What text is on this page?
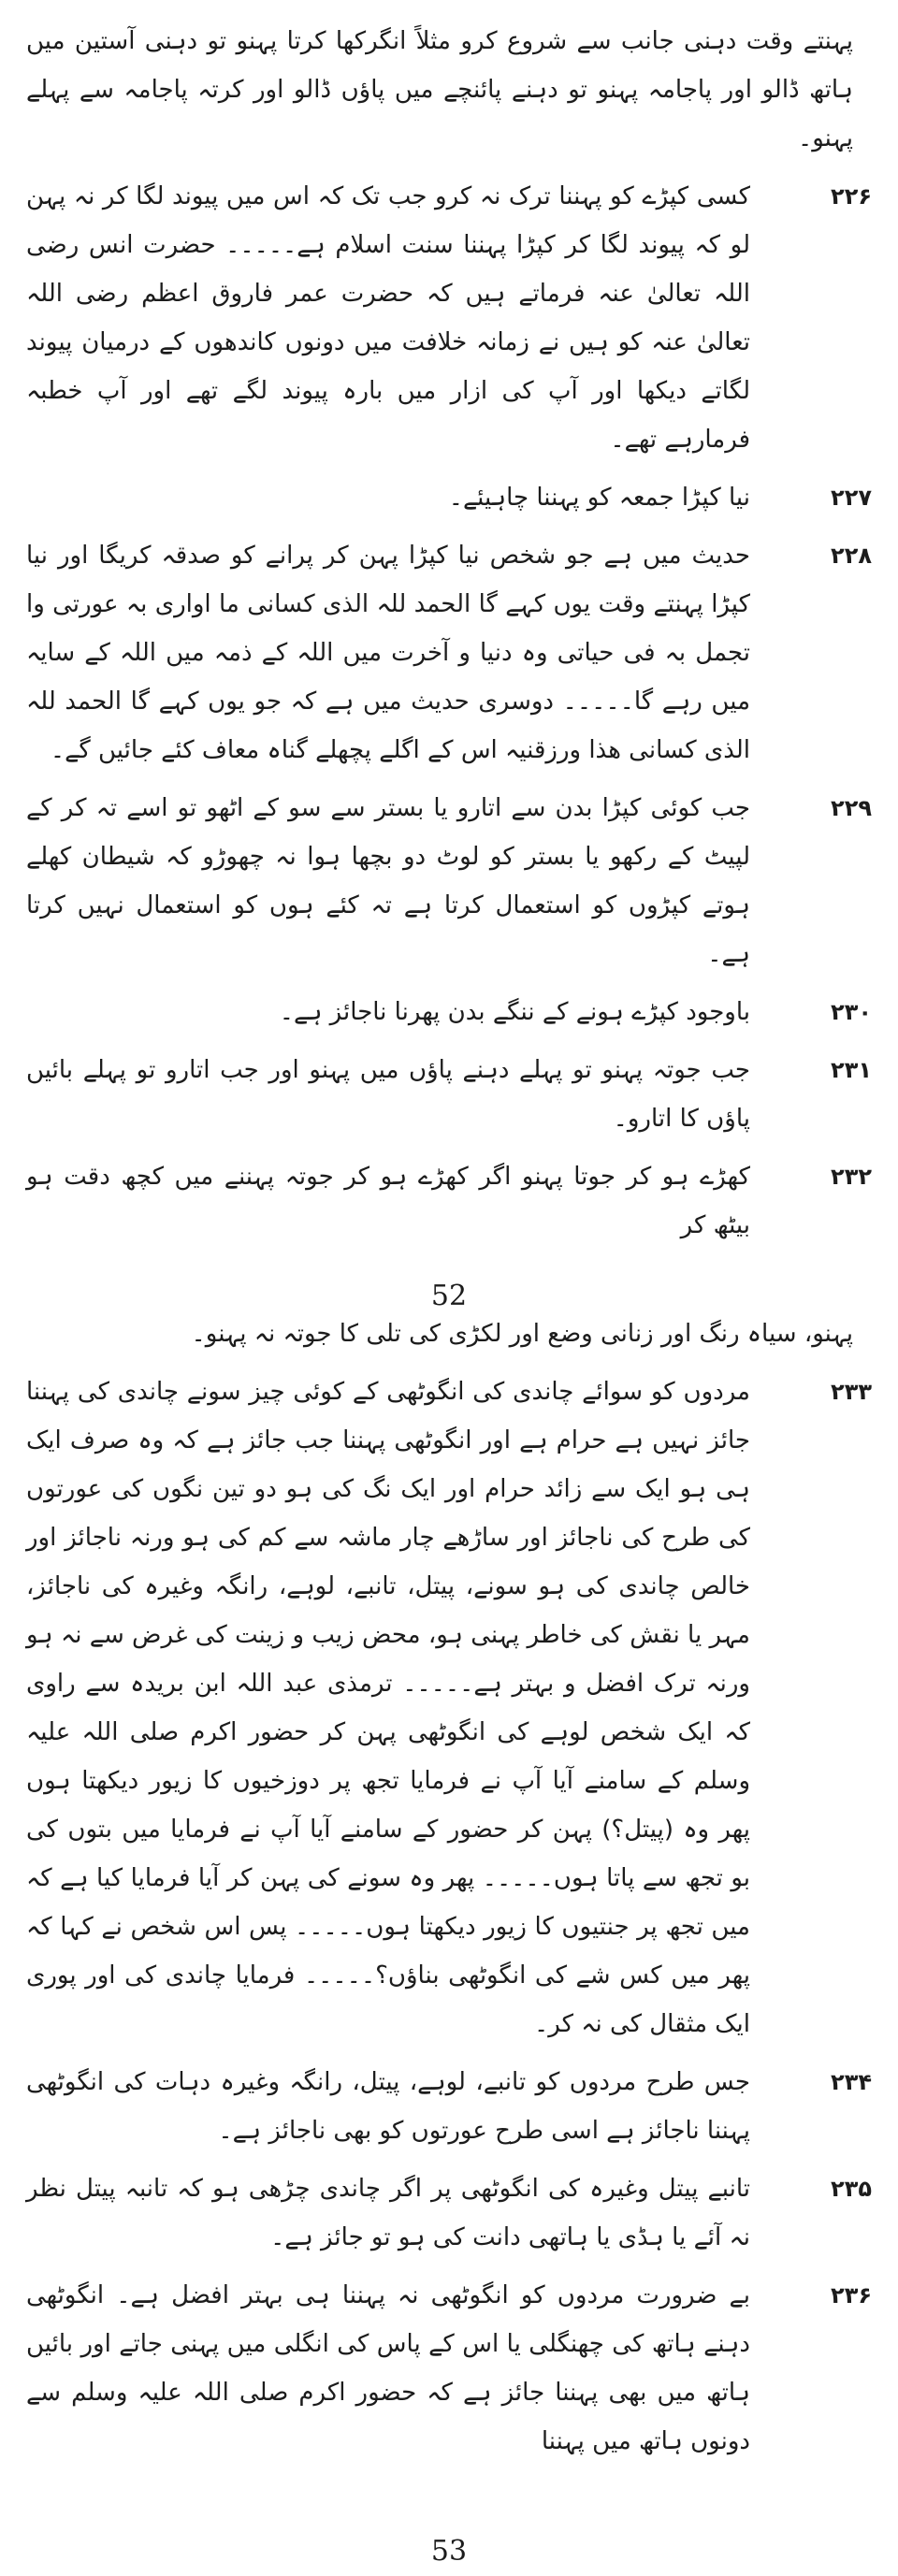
پہنتے وقت دہنی جانب سے شروع کرو مثلاً انگرکھا کرتا پہنو تو دہنی آستین میں ہاتھ ڈالو اور پاجامہ پہنو تو دہنے پائنچے میں پاؤں ڈالو اور کرتہ پاجامہ سے پہلے پہنو۔
۲۲۶
کسی کپڑے کو پہننا ترک نہ کرو جب تک کہ اس میں پیوند لگا کر نہ پہن لو کہ پیوند لگا کر کپڑا پہننا سنت اسلام ہے۔۔۔۔۔ حضرت انس رضی اللہ تعالیٰ عنہ فرماتے ہیں کہ حضرت عمر فاروق اعظم رضی اللہ تعالیٰ عنہ کو ہیں نے زمانہ خلافت میں دونوں کاندھوں کے درمیان پیوند لگاتے دیکھا اور آپ کی ازار میں بارہ پیوند لگے تھے اور آپ خطبہ فرمارہے تھے۔
۲۲۷
نیا کپڑا جمعہ کو پہننا چاہیئے۔
۲۲۸
حدیث میں ہے جو شخص نیا کپڑا پہن کر پرانے کو صدقہ کریگا اور نیا کپڑا پہنتے وقت یوں کہے گا الحمد للہ الذی کسانی ما اواری بہ عورتی وا تجمل بہ فی حیاتی وہ دنیا و آخرت میں اللہ کے ذمہ میں اللہ کے سایہ میں رہے گا۔۔۔۔۔ دوسری حدیث میں ہے کہ جو یوں کہے گا الحمد للہ الذی کسانی ھذا ورزقنیہ اس کے اگلے پچھلے گناہ معاف کئے جائیں گے۔
۲۲۹
جب کوئی کپڑا بدن سے اتارو یا بستر سے سو کے اٹھو تو اسے تہ کر کے لپیٹ کے رکھو یا بستر کو لوٹ دو بچھا ہوا نہ چھوڑو کہ شیطان کھلے ہوتے کپڑوں کو استعمال کرتا ہے تہ کئے ہوں کو استعمال نہیں کرتا ہے۔
۲۳۰
باوجود کپڑے ہونے کے ننگے بدن پھرنا ناجائز ہے۔
۲۳۱
جب جوتہ پہنو تو پہلے دہنے پاؤں میں پہنو اور جب اتارو تو پہلے بائیں پاؤں کا اتارو۔
۲۳۲
کھڑے ہو کر جوتا پہنو اگر کھڑے ہو کر جوتہ پہننے میں کچھ دقت ہو بیٹھ کر
52
پہنو، سیاہ رنگ اور زنانی وضع اور لکڑی کی تلی کا جوتہ نہ پہنو۔
۲۳۳
مردوں کو سوائے چاندی کی انگوٹھی کے کوئی چیز سونے چاندی کی پہننا جائز نہیں ہے حرام ہے اور انگوٹھی پہننا جب جائز ہے کہ وہ صرف ایک ہی ہو ایک سے زائد حرام اور ایک نگ کی ہو دو تین نگوں کی عورتوں کی طرح کی ناجائز اور ساڑھے چار ماشہ سے کم کی ہو ورنہ ناجائز اور خالص چاندی کی ہو سونے، پیتل، تانبے، لوہے، رانگہ وغیرہ کی ناجائز، مہر یا نقش کی خاطر پہنی ہو، محض زیب و زینت کی غرض سے نہ ہو ورنہ ترک افضل و بہتر ہے۔۔۔۔۔ ترمذی عبد اللہ ابن بریدہ سے راوی کہ ایک شخص لوہے کی انگوٹھی پہن کر حضور اکرم صلی اللہ علیہ وسلم کے سامنے آیا آپ نے فرمایا تجھ پر دوزخیوں کا زیور دیکھتا ہوں پھر وہ (پیتل؟) پہن کر حضور کے سامنے آیا آپ نے فرمایا میں بتوں کی بو تجھ سے پاتا ہوں۔۔۔۔۔ پھر وہ سونے کی پہن کر آیا فرمایا کیا ہے کہ میں تجھ پر جنتیوں کا زیور دیکھتا ہوں۔۔۔۔۔ پس اس شخص نے کہا کہ پھر میں کس شے کی انگوٹھی بناؤں؟۔۔۔۔۔ فرمایا چاندی کی اور پوری ایک مثقال کی نہ کر۔
۲۳۴
جس طرح مردوں کو تانبے، لوہے، پیتل، رانگہ وغیرہ دہات کی انگوٹھی پہننا ناجائز ہے اسی طرح عورتوں کو بھی ناجائز ہے۔
۲۳۵
تانبے پیتل وغیرہ کی انگوٹھی پر اگر چاندی چڑھی ہو کہ تانبہ پیتل نظر نہ آئے یا ہڈی یا ہاتھی دانت کی ہو تو جائز ہے۔
۲۳۶
بے ضرورت مردوں کو انگوٹھی نہ پہننا ہی بہتر افضل ہے۔ انگوٹھی دہنے ہاتھ کی چھنگلی یا اس کے پاس کی انگلی میں پہنی جاتے اور بائیں ہاتھ میں بھی پہننا جائز ہے کہ حضور اکرم صلی اللہ علیہ وسلم سے دونوں ہاتھ میں پہننا
53
